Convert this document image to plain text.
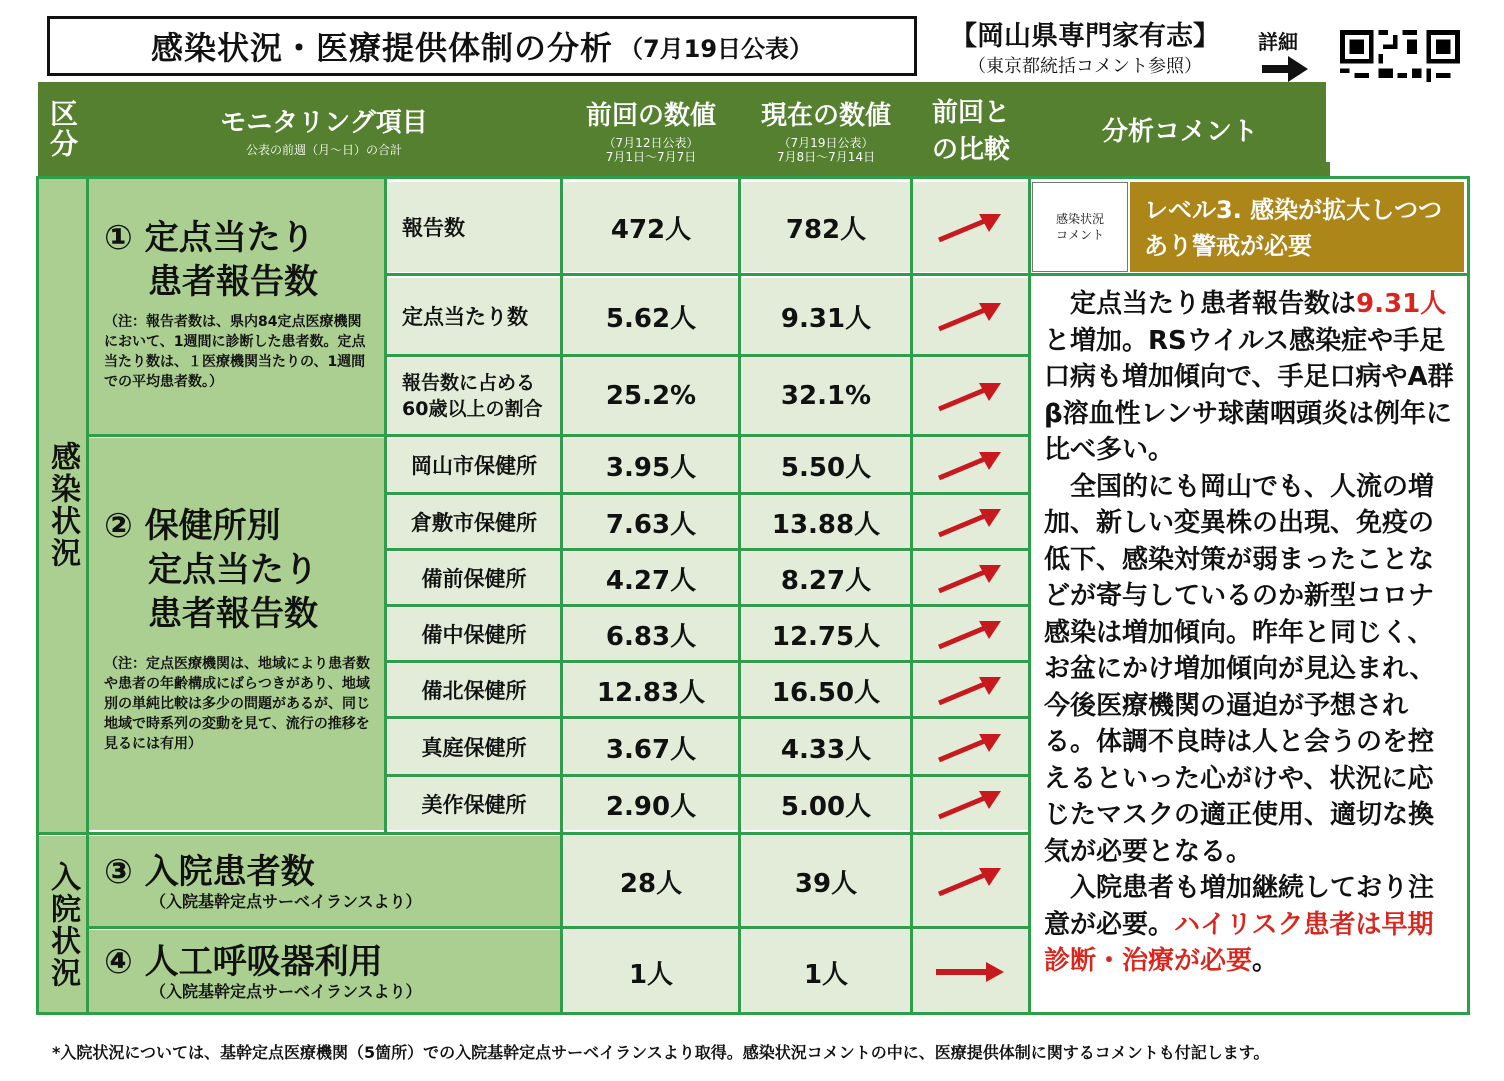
感染状況・医療提供体制の分析 （7月19日公表）	【岡山県専門家有志】
（東京都統括コメント参照）
詳細
区分	モニタリング項目
公表の前週（月～日）の合計
前回の数値
（7月12日公表）
7月1日～7月7日
現在の数値
（7月19日公表）
7月8日～7月14日
前回と
の比較
分析コメント
感染状況
入院状況
① 定点当たり
患者報告数
（注：報告者数は、県内84定点医療機関において、1週間に診断した患者数。定点当たり数は、１医療機関当たりの、1週間での平均患者数。）
② 保健所別
定点当たり
患者報告数
（注：定点医療機関は、地域により患者数や患者の年齢構成にばらつきがあり、地域別の単純比較は多少の問題があるが、同じ地域で時系列の変動を見て、流行の推移を見るには有用）
③ 入院患者数
（入院基幹定点サーベイランスより）
④ 人工呼吸器利用
（入院基幹定点サーベイランスより）
報告数
定点当たり数
報告数に占める
60歳以上の割合
岡山市保健所
倉敷市保健所
備前保健所
備中保健所
備北保健所
真庭保健所
美作保健所
472人
5.62人
25.2%
3.95人
7.63人
4.27人
6.83人
12.83人
3.67人
2.90人
28人
1人
782人
9.31人
32.1%
5.50人
13.88人
8.27人
12.75人
16.50人
4.33人
5.00人
39人
1人
感染状況
コメント
レベル3. 感染が拡大しつつあり警戒が必要
　定点当たり患者報告数は9.31人と増加。RSウイルス感染症や手足口病も増加傾向で、手足口病やA群β溶血性レンサ球菌咽頭炎は例年に比べ多い。
　全国的にも岡山でも、人流の増加、新しい変異株の出現、免疫の低下、感染対策が弱まったことなどが寄与しているのか新型コロナ感染は増加傾向。昨年と同じく、お盆にかけ増加傾向が見込まれ、今後医療機関の逼迫が予想される。体調不良時は人と会うのを控えるといった心がけや、状況に応じたマスクの適正使用、適切な換気が必要となる。
　入院患者も増加継続しており注意が必要。ハイリスク患者は早期診断・治療が必要。
*入院状況については、基幹定点医療機関（5箇所）での入院基幹定点サーベイランスより取得。感染状況コメントの中に、医療提供体制に関するコメントも付記します。
